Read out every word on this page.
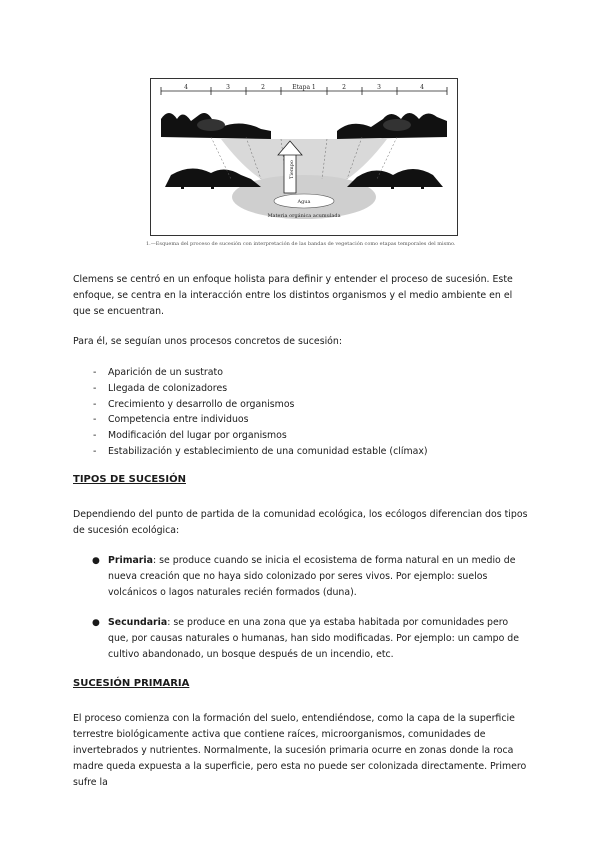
4	3	2	Etapa 1	2	3	4
Tiempo
Agua
Materia orgánica acumulada
1.—Esquema del proceso de sucesión con interpretación de las bandas de vegetación como etapas temporales del mismo.

Clemens se centró en un enfoque holista para definir y entender el proceso de sucesión. Este enfoque, se centra en la interacción entre los distintos organismos y el medio ambiente en el que se encuentran.

Para él, se seguían unos procesos concretos de sucesión:

- Aparición de un sustrato
- Llegada de colonizadores
- Crecimiento y desarrollo de organismos
- Competencia entre individuos
- Modificación del lugar por organismos
- Estabilización y establecimiento de una comunidad estable (clímax)
TIPOS DE SUCESIÓN

Dependiendo del punto de partida de la comunidad ecológica, los ecólogos diferencian dos tipos de sucesión ecológica:

● Primaria: se produce cuando se inicia el ecosistema de forma natural en un medio de nueva creación que no haya sido colonizado por seres vivos. Por ejemplo: suelos volcánicos o lagos naturales recién formados (duna).
● Secundaria: se produce en una zona que ya estaba habitada por comunidades pero que, por causas naturales o humanas, han sido modificadas. Por ejemplo: un campo de cultivo abandonado, un bosque después de un incendio, etc.
SUCESIÓN PRIMARIA

El proceso comienza con la formación del suelo, entendiéndose, como la capa de la superficie terrestre biológicamente activa que contiene raíces, microorganismos, comunidades de invertebrados y nutrientes. Normalmente, la sucesión primaria ocurre en zonas donde la roca madre queda expuesta a la superficie, pero esta no puede ser colonizada directamente. Primero sufre la
